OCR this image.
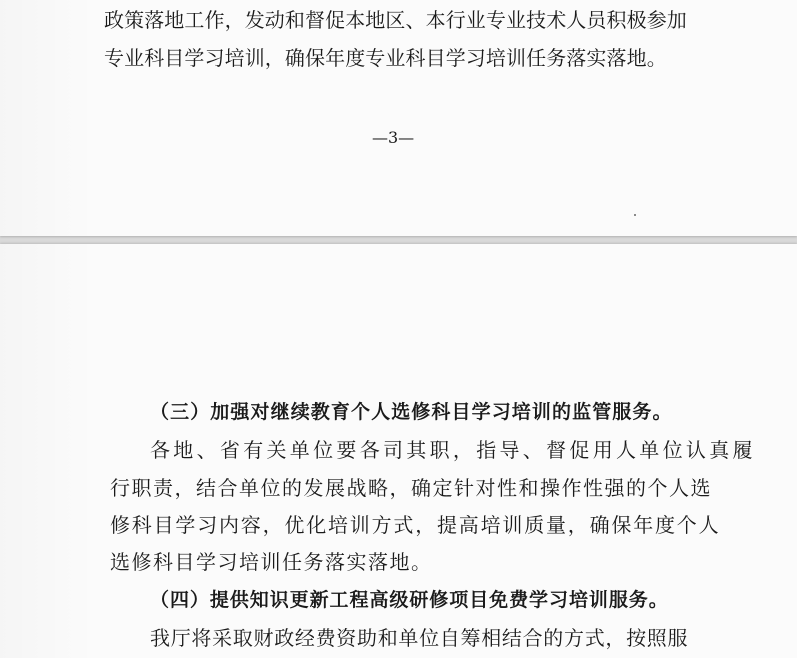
政策落地工作，发动和督促本地区、本行业专业技术人员积极参加
专业科目学习培训，确保年度专业科目学习培训任务落实落地。
—3—
（三）加强对继续教育个人选修科目学习培训的监管服务。
各地、省有关单位要各司其职，指导、督促用人单位认真履
行职责，结合单位的发展战略，确定针对性和操作性强的个人选
修科目学习内容，优化培训方式，提高培训质量，确保年度个人
选修科目学习培训任务落实落地。
（四）提供知识更新工程高级研修项目免费学习培训服务。
我厅将采取财政经费资助和单位自筹相结合的方式，按照服
